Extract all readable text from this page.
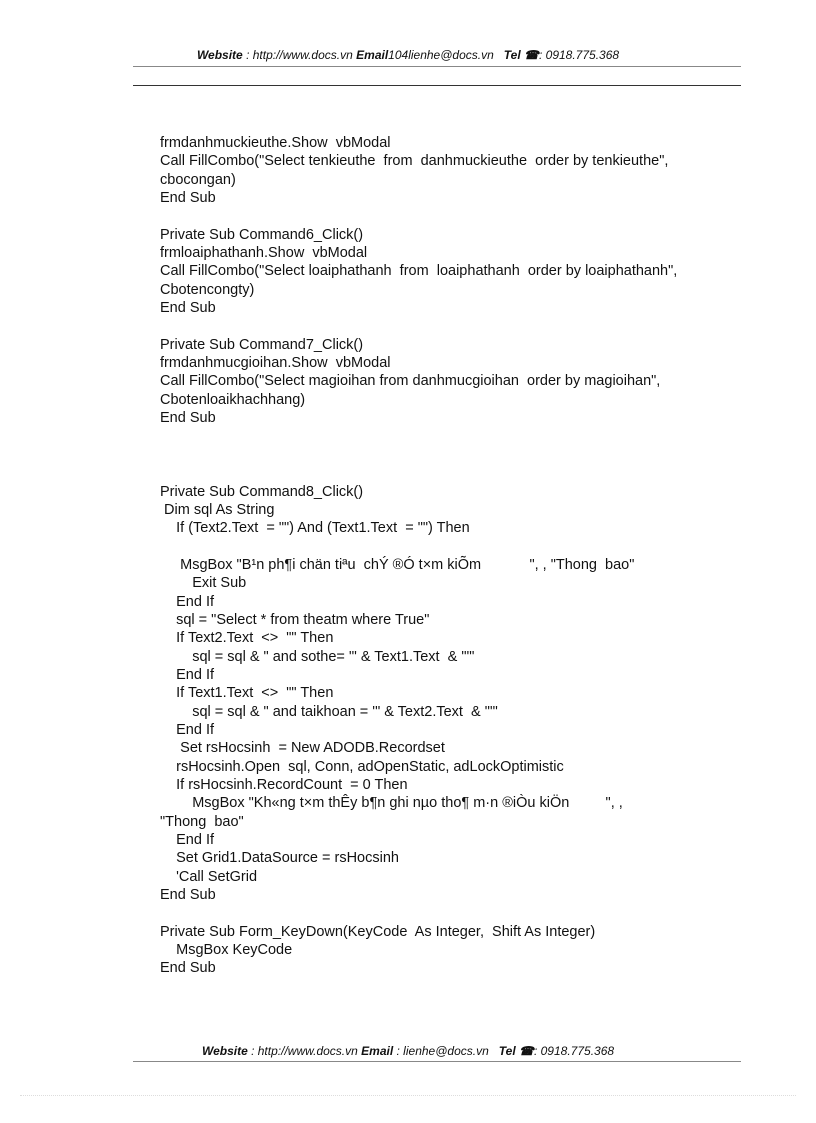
Website : http://www.docs.vn Email104lienhe@docs.vn Tel ☎: 0918.775.368
frmdanhmuckieuthe.Show  vbModal
Call FillCombo("Select tenkieuthe  from  danhmuckieuthe  order by tenkieuthe",
cbocongan)
End Sub
Private Sub Command6_Click()
frmloaiphathanh.Show  vbModal
Call FillCombo("Select loaiphathanh  from  loaiphathanh  order by loaiphathanh",
Cbotencongty)
End Sub
Private Sub Command7_Click()
frmdanhmucgioihan.Show  vbModal
Call FillCombo("Select magioihan from danhmucgioihan  order by magioihan",
Cbotenloaikhachhang)
End Sub
Private Sub Command8_Click()
Dim sql As String
If (Text2.Text  = "") And (Text1.Text  = "") Then
MsgBox "B¹n ph¶i chän tiªu  chÝ ®Ó t×m kiÕm            ", , "Thong  bao"
Exit Sub
End If
sql = "Select * from theatm where True"
If Text2.Text  <>  "" Then
sql = sql & " and sothe= '" & Text1.Text  & "'"
End If
If Text1.Text  <>  "" Then
sql = sql & " and taikhoan = '" & Text2.Text  & "'"
End If
Set rsHocsinh  = New ADODB.Recordset
rsHocsinh.Open  sql, Conn, adOpenStatic, adLockOptimistic
If rsHocsinh.RecordCount  = 0 Then
MsgBox "Kh«ng t×m thÊy b¶n ghi nµo tho¶ m·n ®iÒu kiÖn         ", ,
"Thong  bao"
End If
Set Grid1.DataSource = rsHocsinh
'Call SetGrid
End Sub
Private Sub Form_KeyDown(KeyCode  As Integer,  Shift As Integer)
MsgBox KeyCode
End Sub
Website : http://www.docs.vn Email : lienhe@docs.vn Tel ☎: 0918.775.368
